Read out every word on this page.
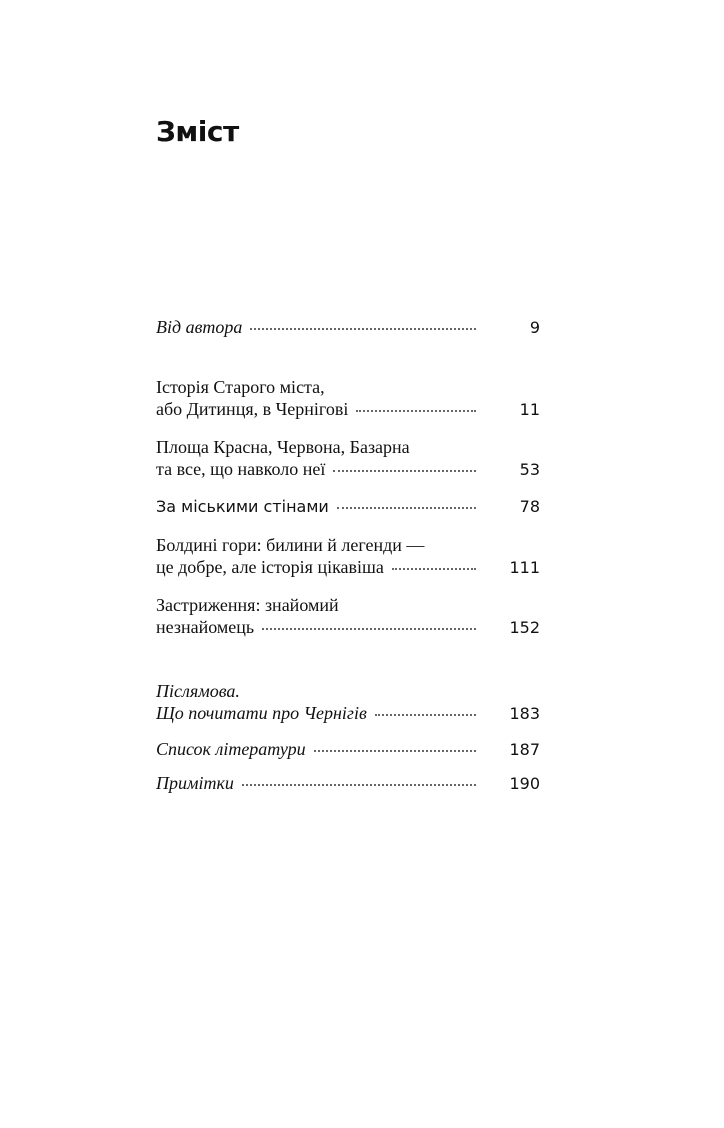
Зміст
Від автора	9
Історія Старого міста,
або Дитинця, в Чернігові	11
Площа Красна, Червона, Базарна
та все, що навколо неї	53
За міськими стінами	78
Болдині гори: билини й легенди —
це добре, але історія цікавіша	111
Застриження: знайомий
незнайомець	152
Післямова.
Що почитати про Чернігів	183
Список літератури	187
Примітки	190
